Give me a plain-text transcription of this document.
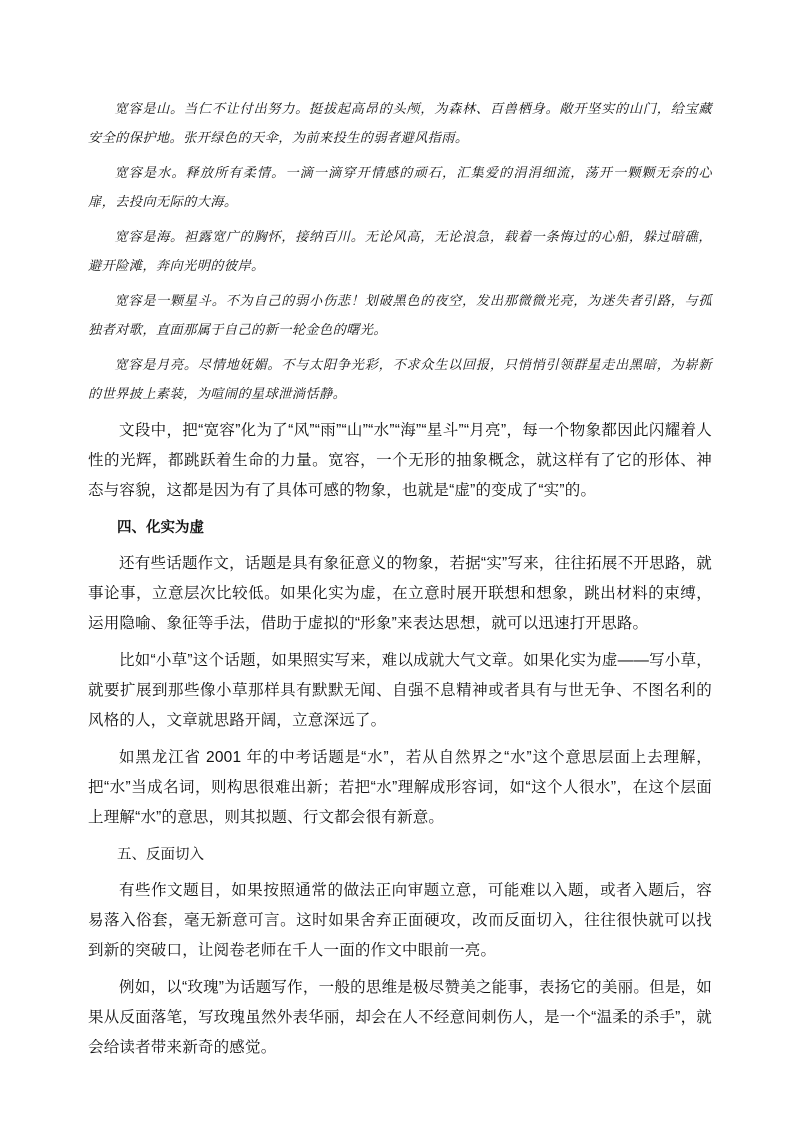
宽容是山。当仁不让付出努力。挺拔起高昂的头颅，为森林、百兽栖身。敞开坚实的山门，给宝藏安全的保护地。张开绿色的天伞，为前来投生的弱者避风指雨。

宽容是水。释放所有柔情。一滴一滴穿开情感的顽石，汇集爱的涓涓细流，荡开一颗颗无奈的心扉，去投向无际的大海。

宽容是海。袒露宽广的胸怀，接纳百川。无论风高，无论浪急，载着一条悔过的心船，躲过暗礁，避开险滩，奔向光明的彼岸。

宽容是一颗星斗。不为自己的弱小伤悲！划破黑色的夜空，发出那微微光亮，为迷失者引路，与孤独者对歌，直面那属于自己的新一轮金色的曙光。

宽容是月亮。尽情地妩媚。不与太阳争光彩，不求众生以回报，只悄悄引领群星走出黑暗，为崭新的世界披上素装，为喧闹的星球泄淌恬静。

文段中，把“宽容”化为了“风”“雨”“山”“水”“海”“星斗”“月亮”，每一个物象都因此闪耀着人性的光辉，都跳跃着生命的力量。宽容，一个无形的抽象概念，就这样有了它的形体、神态与容貌，这都是因为有了具体可感的物象，也就是“虚”的变成了“实”的。

四、化实为虚

还有些话题作文，话题是具有象征意义的物象，若据“实”写来，往往拓展不开思路，就事论事，立意层次比较低。如果化实为虚，在立意时展开联想和想象，跳出材料的束缚，运用隐喻、象征等手法，借助于虚拟的“形象”来表达思想，就可以迅速打开思路。

比如“小草”这个话题，如果照实写来，难以成就大气文章。如果化实为虚——写小草，就要扩展到那些像小草那样具有默默无闻、自强不息精神或者具有与世无争、不图名利的风格的人，文章就思路开阔，立意深远了。

如黑龙江省 2001 年的中考话题是“水”，若从自然界之“水”这个意思层面上去理解，把“水”当成名词，则构思很难出新；若把“水”理解成形容词，如“这个人很水”，在这个层面上理解“水”的意思，则其拟题、行文都会很有新意。

五、反面切入

有些作文题目，如果按照通常的做法正向审题立意，可能难以入题，或者入题后，容易落入俗套，毫无新意可言。这时如果舍弃正面硬攻，改而反面切入，往往很快就可以找到新的突破口，让阅卷老师在千人一面的作文中眼前一亮。

例如，以“玫瑰”为话题写作，一般的思维是极尽赞美之能事，表扬它的美丽。但是，如果从反面落笔，写玫瑰虽然外表华丽，却会在人不经意间刺伤人，是一个“温柔的杀手”，就会给读者带来新奇的感觉。
